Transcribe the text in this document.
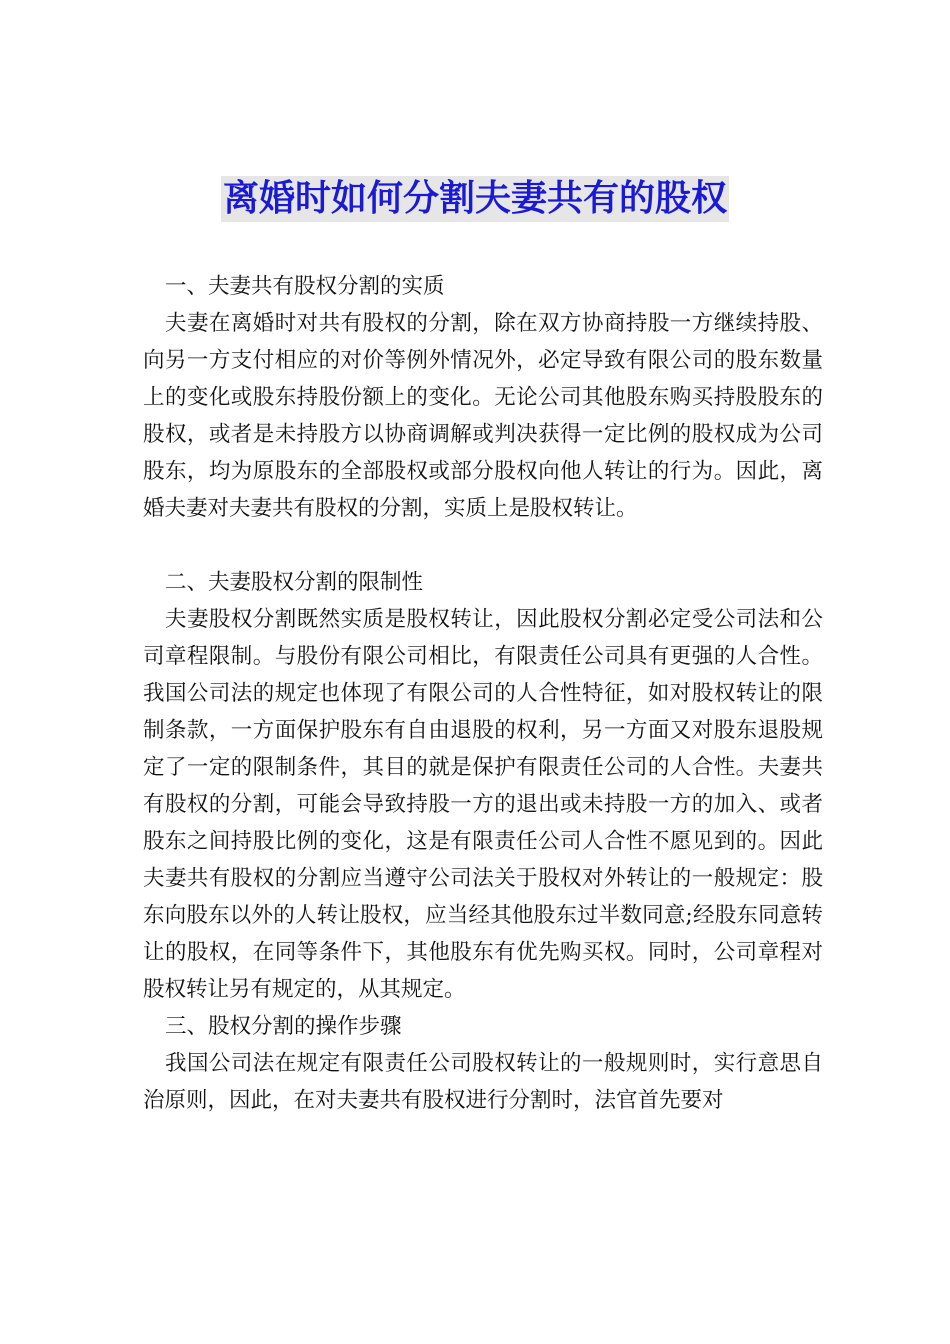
离婚时如何分割夫妻共有的股权

一、夫妻共有股权分割的实质

夫妻在离婚时对共有股权的分割，除在双方协商持股一方继续持股、向另一方支付相应的对价等例外情况外，必定导致有限公司的股东数量上的变化或股东持股份额上的变化。无论公司其他股东购买持股股东的股权，或者是未持股方以协商调解或判决获得一定比例的股权成为公司股东，均为原股东的全部股权或部分股权向他人转让的行为。因此，离婚夫妻对夫妻共有股权的分割，实质上是股权转让。

二、夫妻股权分割的限制性

夫妻股权分割既然实质是股权转让，因此股权分割必定受公司法和公司章程限制。与股份有限公司相比，有限责任公司具有更强的人合性。我国公司法的规定也体现了有限公司的人合性特征，如对股权转让的限制条款，一方面保护股东有自由退股的权利，另一方面又对股东退股规定了一定的限制条件，其目的就是保护有限责任公司的人合性。夫妻共有股权的分割，可能会导致持股一方的退出或未持股一方的加入、或者股东之间持股比例的变化，这是有限责任公司人合性不愿见到的。因此夫妻共有股权的分割应当遵守公司法关于股权对外转让的一般规定：股东向股东以外的人转让股权，应当经其他股东过半数同意;经股东同意转让的股权，在同等条件下，其他股东有优先购买权。同时，公司章程对股权转让另有规定的，从其规定。

三、股权分割的操作步骤

我国公司法在规定有限责任公司股权转让的一般规则时，实行意思自治原则，因此，在对夫妻共有股权进行分割时，法官首先要对
